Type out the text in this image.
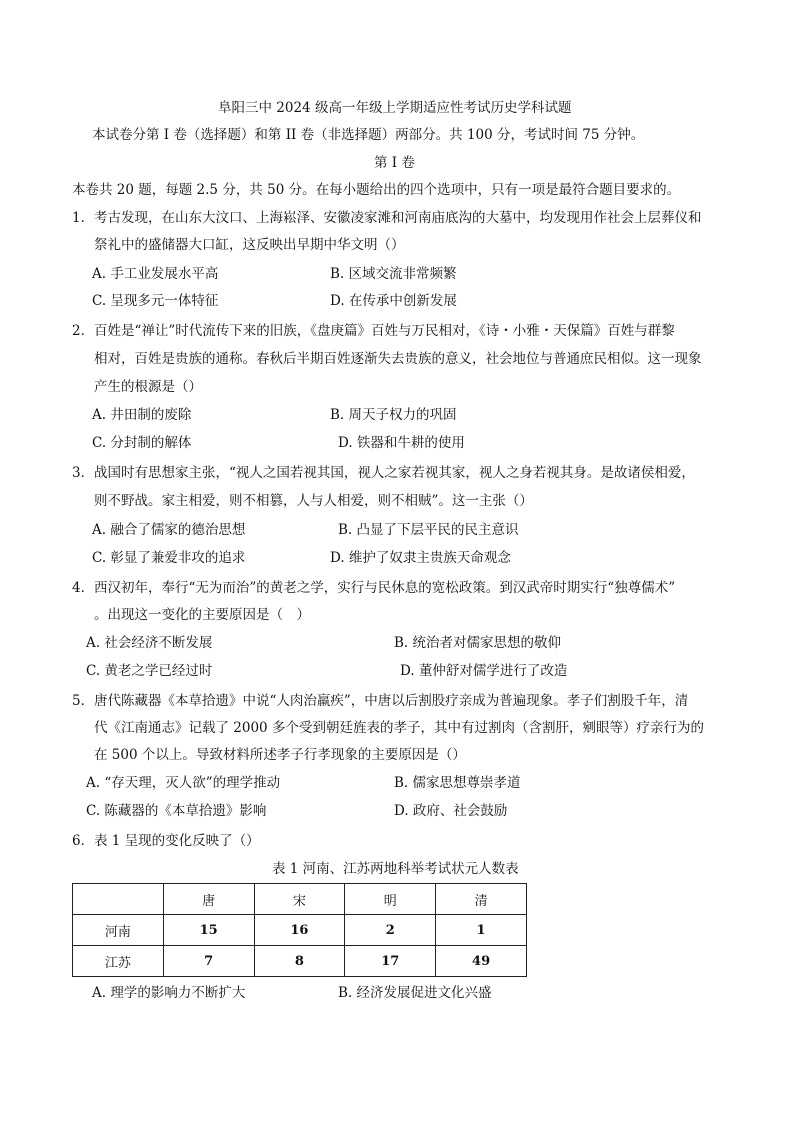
阜阳三中 2024 级高一年级上学期适应性考试历史学科试题
本试卷分第 I 卷（选择题）和第 II 卷（非选择题）两部分。共 100 分，考试时间 75 分钟。
第 I 卷
本卷共 20 题，每题 2.5 分，共 50 分。在每小题给出的四个选项中，只有一项是最符合题目要求的。
1． 考古发现，在山东大汶口、上海崧泽、安徽凌家滩和河南庙底沟的大墓中，均发现用作社会上层葬仪和
祭礼中的盛储器大口缸，这反映出早期中华文明（）
A. 手工业发展水平高	B. 区域交流非常频繁
C. 呈现多元一体特征	D. 在传承中创新发展
2． 百姓是“禅让”时代流传下来的旧族，《盘庚篇》百姓与万民相对，《诗・小雅・天保篇》百姓与群黎
相对，百姓是贵族的通称。春秋后半期百姓逐渐失去贵族的意义，社会地位与普通庶民相似。这一现象
产生的根源是（）
A. 井田制的废除	B. 周天子权力的巩固
C. 分封制的解体	D. 铁器和牛耕的使用
3． 战国时有思想家主张，“视人之国若视其国，视人之家若视其家，视人之身若视其身。是故诸侯相爱，
则不野战。家主相爱，则不相篡，人与人相爱，则不相贼”。这一主张（）
A. 融合了儒家的德治思想	B. 凸显了下层平民的民主意识
C. 彰显了兼爱非攻的追求	D. 维护了奴隶主贵族天命观念
4． 西汉初年，奉行“无为而治”的黄老之学，实行与民休息的宽松政策。到汉武帝时期实行“独尊儒术”
。出现这一变化的主要原因是（　）
A. 社会经济不断发展	B. 统治者对儒家思想的敬仰
C. 黄老之学已经过时	D. 董仲舒对儒学进行了改造
5． 唐代陈藏器《本草拾遗》中说“人肉治羸疾”，中唐以后割股疗亲成为普遍现象。孝子们割股千年，清
代《江南通志》记载了 2000 多个受到朝廷旌表的孝子，其中有过割肉（含割肝，剜眼等）疗亲行为的
在 500 个以上。导致材料所述孝子行孝现象的主要原因是（）
A. “存天理，灭人欲”的理学推动	B. 儒家思想尊崇孝道
C. 陈藏器的《本草拾遗》影响	D. 政府、社会鼓励
6． 表 1 呈现的变化反映了（）
表 1 河南、江苏两地科举考试状元人数表
	唐	宋	明	清
河南	15	16	2	1
江苏	7	8	17	49
A. 理学的影响力不断扩大	B. 经济发展促进文化兴盛
